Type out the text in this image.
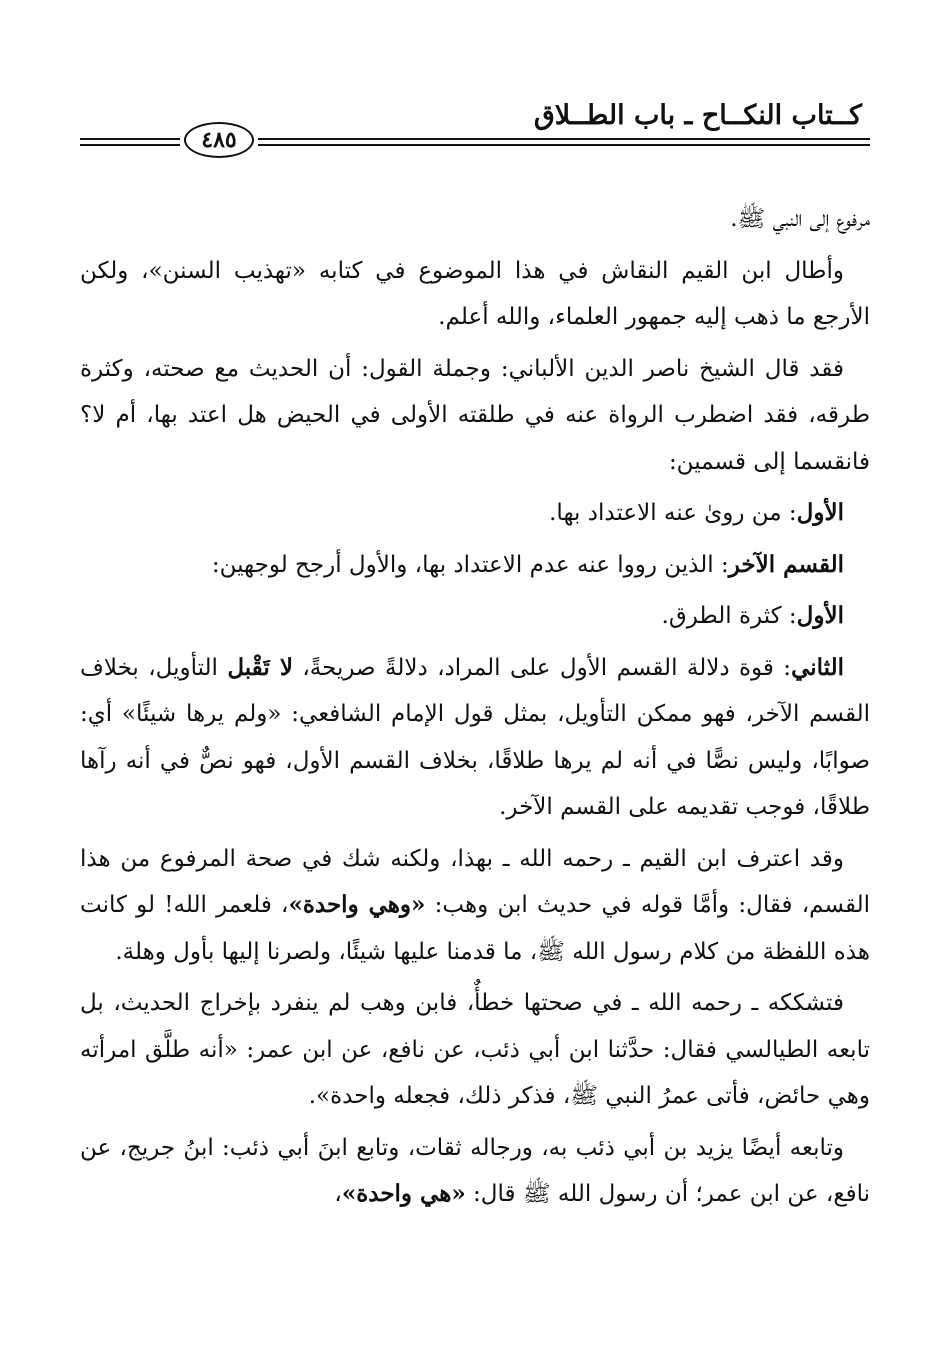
كــتاب النكــاح ـ باب الطــلاق
٤٨٥

مرفوع إلى النبي ﷺ.

وأطال ابن القيم النقاش في هذا الموضوع في كتابه «تهذيب السنن»، ولكن الأرجع ما ذهب إليه جمهور العلماء، والله أعلم.

فقد قال الشيخ ناصر الدين الألباني: وجملة القول: أن الحديث مع صحته، وكثرة طرقه، فقد اضطرب الرواة عنه في طلقته الأولى في الحيض هل اعتد بها، أم لا؟ فانقسما إلى قسمين:

الأول: من روىٰ عنه الاعتداد بها.

القسم الآخر: الذين رووا عنه عدم الاعتداد بها، والأول أرجح لوجهين:

الأول: كثرة الطرق.

الثاني: قوة دلالة القسم الأول على المراد، دلالةً صريحةً، لا تَقْبل التأويل، بخلاف القسم الآخر، فهو ممكن التأويل، بمثل قول الإمام الشافعي: «ولم يرها شيئًا» أي: صوابًا، وليس نصًّا في أنه لم يرها طلاقًا، بخلاف القسم الأول، فهو نصٌّ في أنه رآها طلاقًا، فوجب تقديمه على القسم الآخر.

وقد اعترف ابن القيم ـ رحمه الله ـ بهذا، ولكنه شك في صحة المرفوع من هذا القسم، فقال: وأمَّا قوله في حديث ابن وهب: «وهي واحدة»، فلعمر الله! لو كانت هذه اللفظة من كلام رسول الله ﷺ، ما قدمنا عليها شيئًا، ولصرنا إليها بأول وهلة.

فتشككه ـ رحمه الله ـ في صحتها خطأٌ، فابن وهب لم ينفرد بإخراج الحديث، بل تابعه الطيالسي فقال: حدَّثنا ابن أبي ذئب، عن نافع، عن ابن عمر: «أنه طلَّق امرأته وهي حائض، فأتى عمرُ النبي ﷺ، فذكر ذلك، فجعله واحدة».

وتابعه أيضًا يزيد بن أبي ذئب به، ورجاله ثقات، وتابع ابنَ أبي ذئب: ابنُ جريج، عن نافع، عن ابن عمر؛ أن رسول الله ﷺ قال: «هي واحدة»،
